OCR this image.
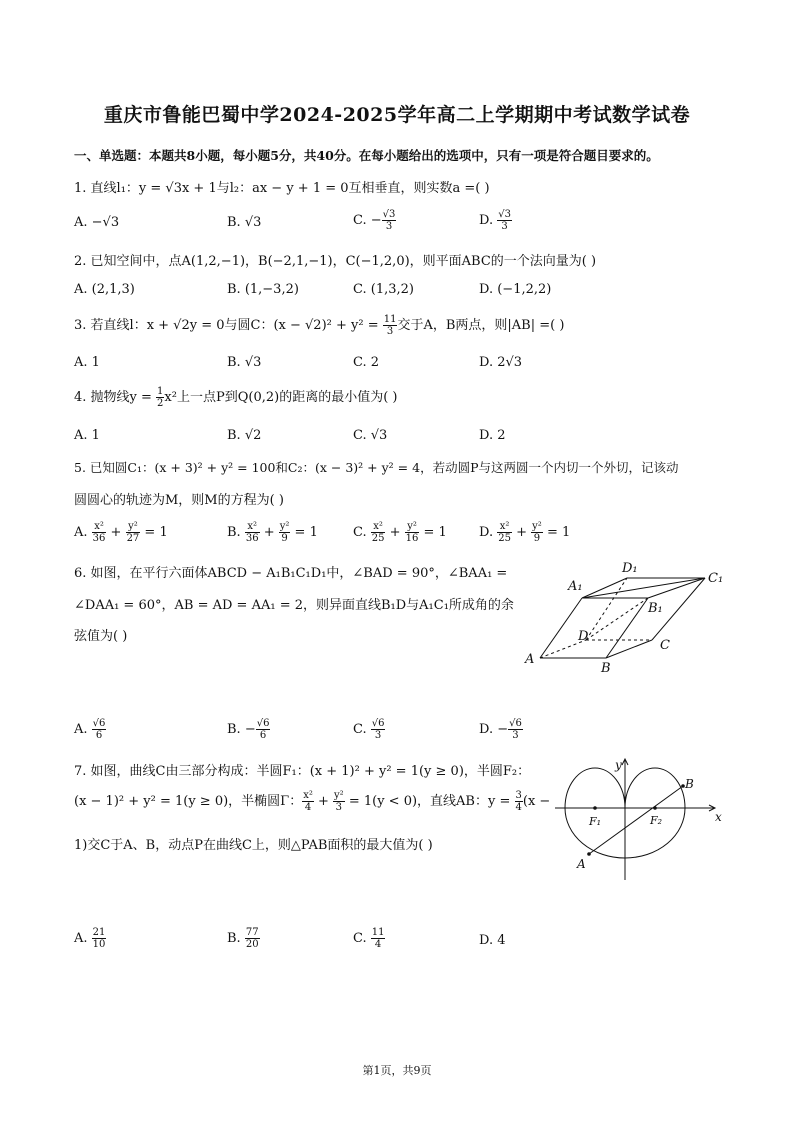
重庆市鲁能巴蜀中学2024-2025学年高二上学期期中考试数学试卷
一、单选题：本题共8小题，每小题5分，共40分。在每小题给出的选项中，只有一项是符合题目要求的。
1. 直线l₁：y = √3x + 1与l₂：ax − y + 1 = 0互相垂直，则实数a =( )
A. −√3	B. √3	C. − $\frac{√3}{3}$	D. $\frac{√3}{3}$
2. 已知空间中，点A(1,2,−1)，B(−2,1,−1)，C(−1,2,0)，则平面ABC的一个法向量为( )
A. (2,1,3)	B. (1,−3,2)	C. (1,3,2)	D. (−1,2,2)
3. 若直线l：x + √2y = 0与圆C：$(x - √2)^2 + y^2 = \frac{11}{3}$ 交于A，B两点，则|AB| =( )
A. 1	B. √3	C. 2	D. 2√3
4. 抛物线$y = \frac{1}{2} x^2$上一点P到Q(0,2)的距离的最小值为( )
A. 1	B. √2	C. √3	D. 2
5. 已知圆C₁：(x + 3)² + y² = 100和C₂：(x − 3)² + y² = 4，若动圆P与这两圆一个内切一个外切，记该动
圆圆心的轨迹为M，则M的方程为( )
A. $\frac{\text{x²}}{36} + \frac{\text{y²}}{27} = 1$	B. $\frac{\text{x²}}{36} + \frac{\text{y²}}{9} = 1$	C. $\frac{\text{x²}}{25} + \frac{\text{y²}}{16} = 1$ D. $\frac{\text{x²}}{25} + \frac{\text{y²}}{9} = 1$
6. 如图，在平行六面体ABCD − A₁B₁C₁D₁中，∠BAD = 90°，∠BAA₁ =
∠DAA₁ = 60°，AB = AD = AA₁ = 2，则异面直线B₁D与A₁C₁所成角的余
弦值为( )
A
B
C
D
A₁
B₁
C₁
D₁
A. $\frac{√6}{6}$	B. − $\frac{√6}{6}$	C. $\frac{√6}{3}$	D. − $\frac{√6}{3}$
7. 如图，曲线C由三部分构成：半圆F₁：(x + 1)² + y² = 1(y ≥ 0)，半圆F₂：
(x − 1)² + y² = 1(y ≥ 0)，半椭圆Γ： $\frac{\text{x²}}{4} + \frac{\text{y²}}{3} = 1(y < 0)$，直线AB：$y = \frac{3}{4} (x$ −
1)交C于A、B，动点P在曲线C上，则△PAB面积的最大值为( )
y
x
B
A
F₁	F₂
A. $\frac{21}{10}$	B. $\frac{77}{20}$	C. $\frac{11}{4}$	D. 4
第1页，共9页
